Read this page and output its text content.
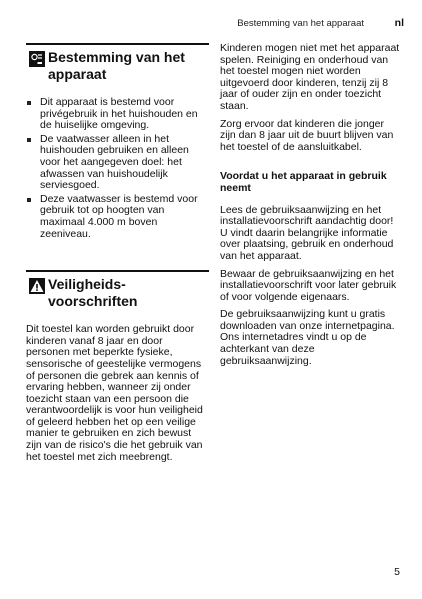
Bestemming van het apparaat	nl
Bestemming van het apparaat
Dit apparaat is bestemd voor privégebruik in het huishouden en de huiselijke omgeving.
De vaatwasser alleen in het huishouden gebruiken en alleen voor het aangegeven doel: het afwassen van huishoudelijk serviesgoed.
Deze vaatwasser is bestemd voor gebruik tot op hoogten van maximaal 4.000 m boven zeeniveau.
Veiligheids-voorschriften

Dit toestel kan worden gebruikt door kinderen vanaf 8 jaar en door personen met beperkte fysieke, sensorische of geestelijke vermogens of personen die gebrek aan kennis of ervaring hebben, wanneer zij onder toezicht staan van een persoon die verantwoordelijk is voor hun veiligheid of geleerd hebben het op een veilige manier te gebruiken en zich bewust zijn van de risico's die het gebruik van het toestel met zich meebrengt.

Kinderen mogen niet met het apparaat spelen. Reiniging en onderhoud van het toestel mogen niet worden uitgevoerd door kinderen, tenzij zij 8 jaar of ouder zijn en onder toezicht staan.

Zorg ervoor dat kinderen die jonger zijn dan 8 jaar uit de buurt blijven van het toestel of de aansluitkabel.

Voordat u het apparaat in gebruik neemt

Lees de gebruiksaanwijzing en het installatievoorschrift aandachtig door! U vindt daarin belangrijke informatie over plaatsing, gebruik en onderhoud van het apparaat.

Bewaar de gebruiksaanwijzing en het installatievoorschrift voor later gebruik of voor volgende eigenaars.

De gebruiksaanwijzing kunt u gratis downloaden van onze internetpagina. Ons internetadres vindt u op de achterkant van deze gebruiksaanwijzing.

5
